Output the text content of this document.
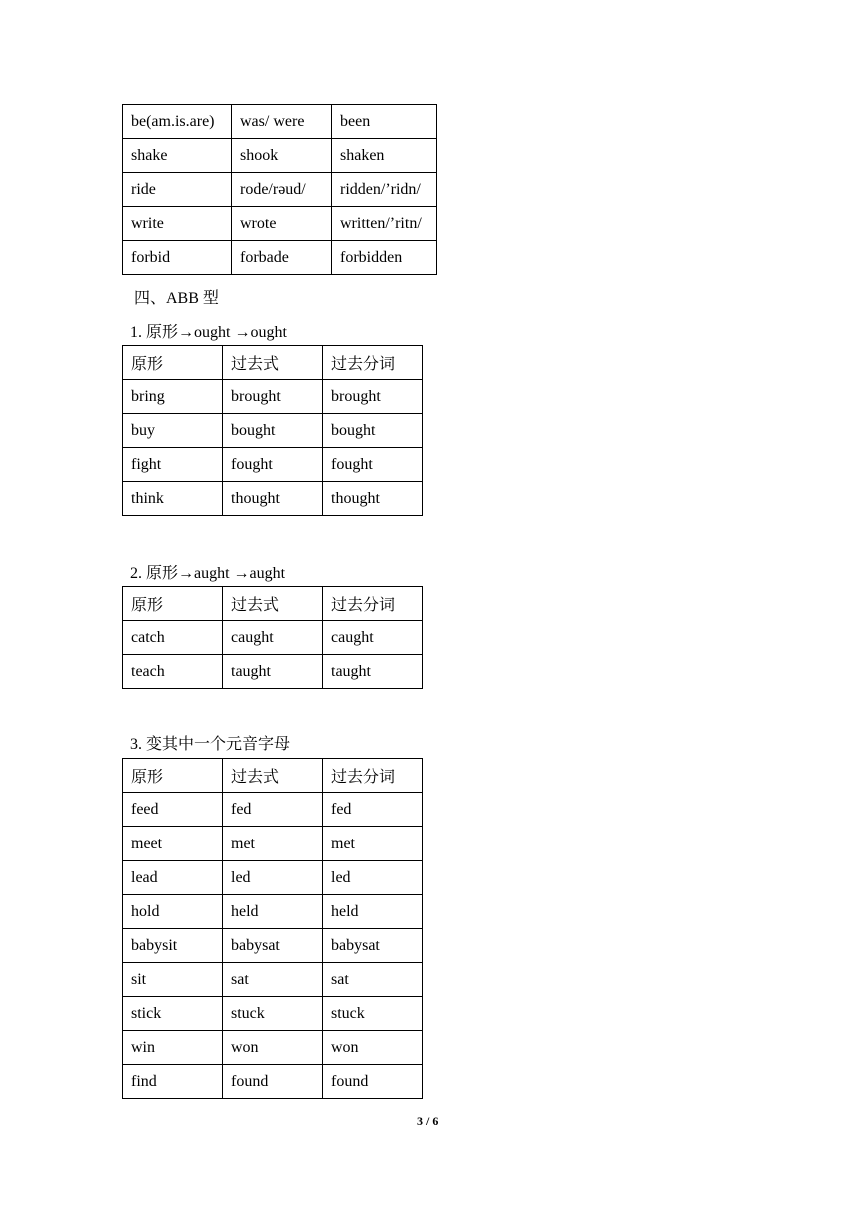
be(am.is.are)	was/ were	been
shake	shook	shaken
ride	rode/rəud/	ridden/’ridn/
write	wrote	written/’ritn/
forbid	forbade	forbidden
四、ABB 型
1. 原形→ought →ought
原形	过去式	过去分词
bring	brought	brought
buy	bought	bought
fight	fought	fought
think	thought	thought
2. 原形→aught →aught
原形	过去式	过去分词
catch	caught	caught
teach	taught	taught
3. 变其中一个元音字母
原形	过去式	过去分词
feed	fed	fed
meet	met	met
lead	led	led
hold	held	held
babysit	babysat	babysat
sit	sat	sat
stick	stuck	stuck
win	won	won
find	found	found
3 / 6
